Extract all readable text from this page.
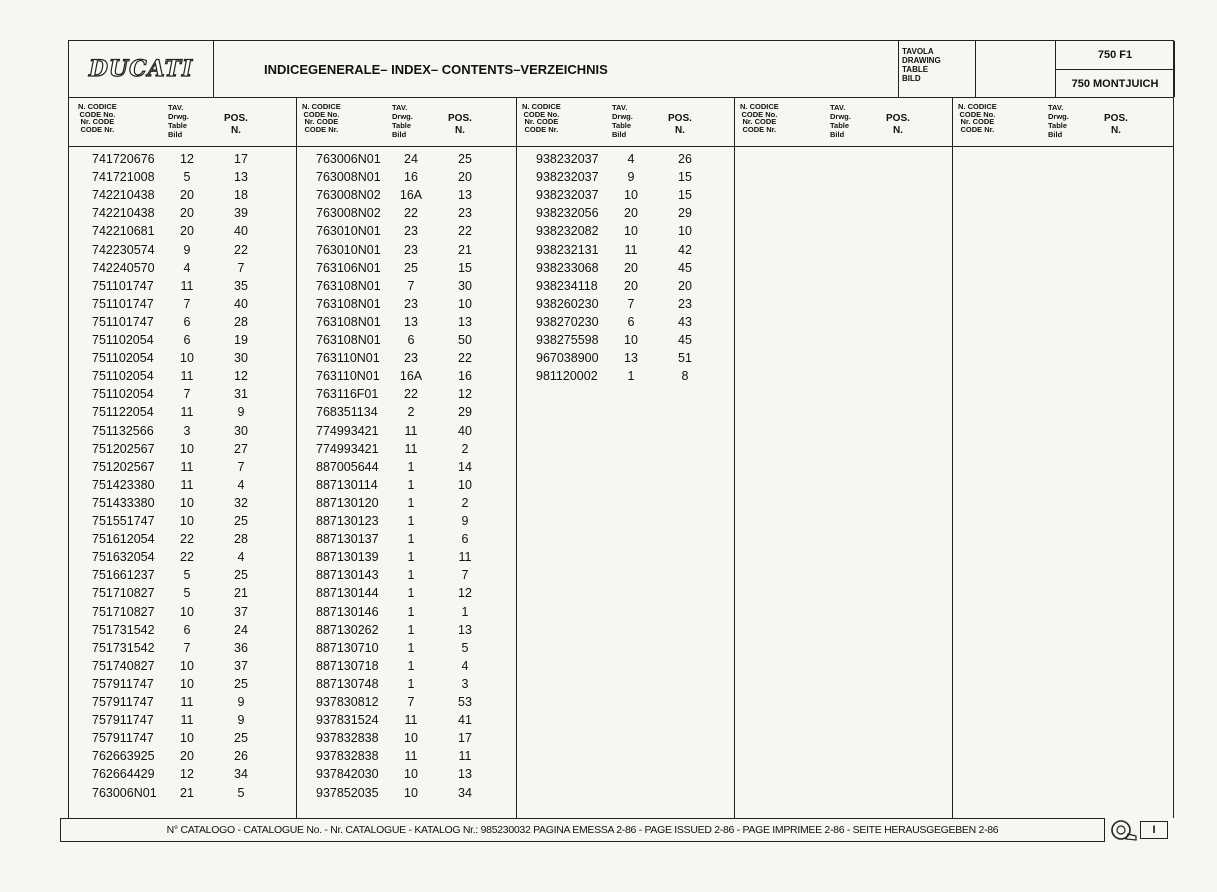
DUCATI	INDICEGENERALE– INDEX– CONTENTS–VERZEICHNIS
TAVOLA
DRAWING
TABLE
BILD
750 F1
750 MONTJUICH
N. CODICE
CODE No.
Nr. CODE
CODE Nr.
TAV.
Drwg.
Table
Bild
POS.
N.
N. CODICE
CODE No.
Nr. CODE
CODE Nr.
TAV.
Drwg.
Table
Bild
POS.
N.
N. CODICE
CODE No.
Nr. CODE
CODE Nr.
TAV.
Drwg.
Table
Bild
POS.
N.
N. CODICE
CODE No.
Nr. CODE
CODE Nr.
TAV.
Drwg.
Table
Bild
POS.
N.
N. CODICE
CODE No.
Nr. CODE
CODE Nr.
TAV.
Drwg.
Table
Bild
POS.
N.
741720676	12	17
741721008	5	13
742210438	20	18
742210438	20	39
742210681	20	40
742230574	9	22
742240570	4	7
751101747	11	35
751101747	7	40
751101747	6	28
751102054	6	19
751102054	10	30
751102054	11	12
751102054	7	31
751122054	11	9
751132566	3	30
751202567	10	27
751202567	11	7
751423380	11	4
751433380	10	32
751551747	10	25
751612054	22	28
751632054	22	4
751661237	5	25
751710827	5	21
751710827	10	37
751731542	6	24
751731542	7	36
751740827	10	37
757911747	10	25
757911747	11	9
757911747	11	9
757911747	10	25
762663925	20	26
762664429	12	34
763006N01	21	5
763006N01	24	25
763008N01	16	20
763008N02	16A	13
763008N02	22	23
763010N01	23	22
763010N01	23	21
763106N01	25	15
763108N01	7	30
763108N01	23	10
763108N01	13	13
763108N01	6	50
763110N01	23	22
763110N01	16A	16
763116F01	22	12
768351134	2	29
774993421	11	40
774993421	11	2
887005644	1	14
887130114	1	10
887130120	1	2
887130123	1	9
887130137	1	6
887130139	1	11
887130143	1	7
887130144	1	12
887130146	1	1
887130262	1	13
887130710	1	5
887130718	1	4
887130748	1	3
937830812	7	53
937831524	11	41
937832838	10	17
937832838	11	11
937842030	10	13
937852035	10	34
938232037	4	26
938232037	9	15
938232037	10	15
938232056	20	29
938232082	10	10
938232131	11	42
938233068	20	45
938234118	20	20
938260230	7	23
938270230	6	43
938275598	10	45
967038900	13	51
981120002	1	8
N° CATALOGO - CATALOGUE No. - Nr. CATALOGUE - KATALOG Nr.: 985230032 PAGINA EMESSA 2-86 - PAGE ISSUED 2-86 - PAGE IMPRIMEE 2-86 - SEITE HERAUSGEGEBEN 2-86	I
